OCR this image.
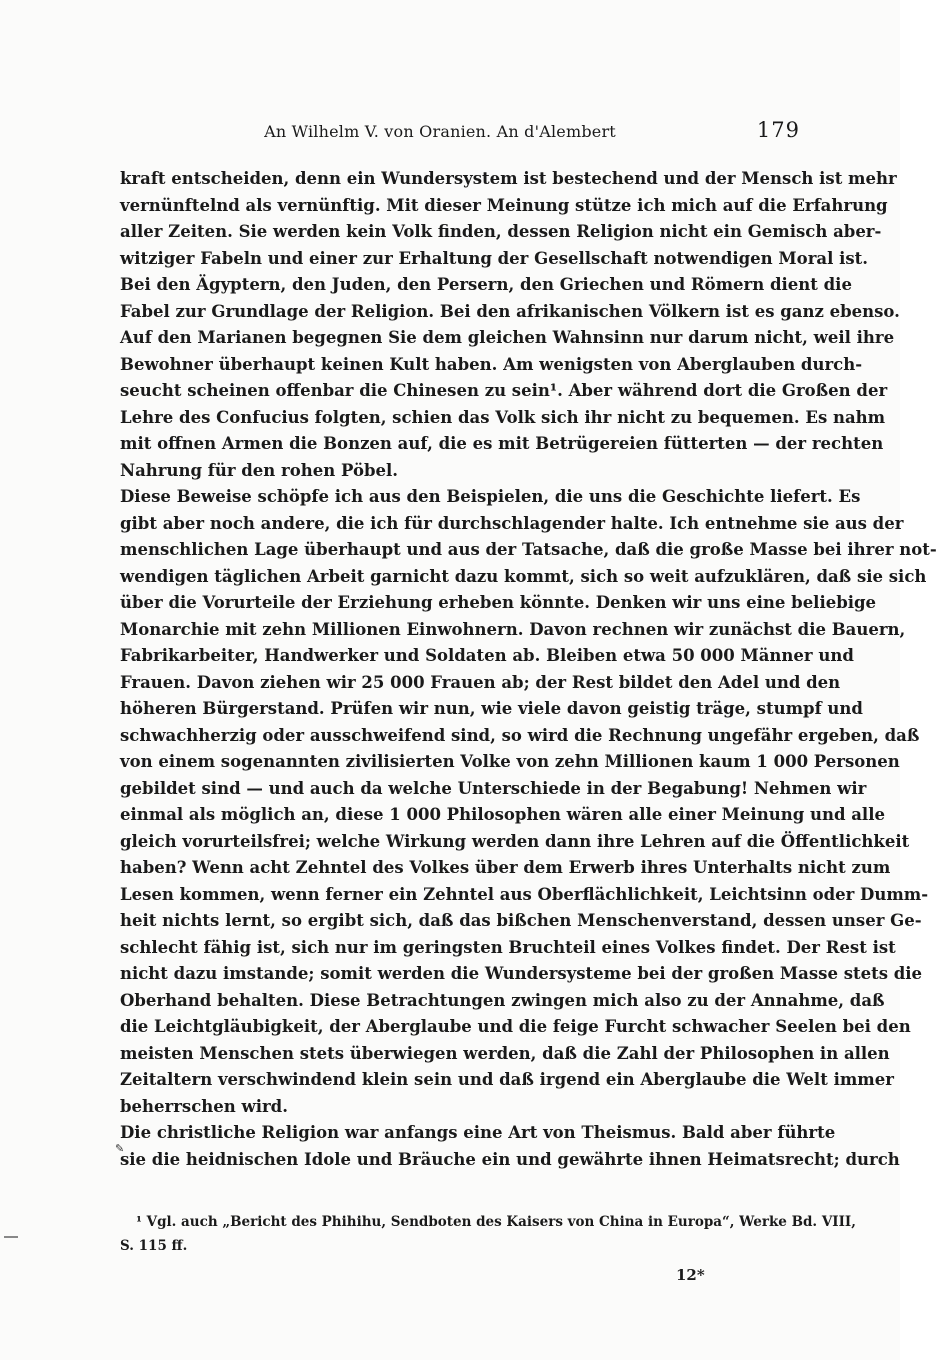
An Wilhelm V. von Oranien. An d'Alembert	179
kraft entscheiden, denn ein Wundersystem ist bestechend und der Mensch ist mehr
vernünftelnd als vernünftig. Mit dieser Meinung stütze ich mich auf die Erfahrung
aller Zeiten. Sie werden kein Volk finden, dessen Religion nicht ein Gemisch aber-
witziger Fabeln und einer zur Erhaltung der Gesellschaft notwendigen Moral ist.
Bei den Ägyptern, den Juden, den Persern, den Griechen und Römern dient die
Fabel zur Grundlage der Religion. Bei den afrikanischen Völkern ist es ganz ebenso.
Auf den Marianen begegnen Sie dem gleichen Wahnsinn nur darum nicht, weil ihre
Bewohner überhaupt keinen Kult haben. Am wenigsten von Aberglauben durch-
seucht scheinen offenbar die Chinesen zu sein¹. Aber während dort die Großen der
Lehre des Confucius folgten, schien das Volk sich ihr nicht zu bequemen. Es nahm
mit offnen Armen die Bonzen auf, die es mit Betrügereien fütterten — der rechten
Nahrung für den rohen Pöbel.
Diese Beweise schöpfe ich aus den Beispielen, die uns die Geschichte liefert. Es
gibt aber noch andere, die ich für durchschlagender halte. Ich entnehme sie aus der
menschlichen Lage überhaupt und aus der Tatsache, daß die große Masse bei ihrer not-
wendigen täglichen Arbeit garnicht dazu kommt, sich so weit aufzuklären, daß sie sich
über die Vorurteile der Erziehung erheben könnte. Denken wir uns eine beliebige
Monarchie mit zehn Millionen Einwohnern. Davon rechnen wir zunächst die Bauern,
Fabrikarbeiter, Handwerker und Soldaten ab. Bleiben etwa 50 000 Männer und
Frauen. Davon ziehen wir 25 000 Frauen ab; der Rest bildet den Adel und den
höheren Bürgerstand. Prüfen wir nun, wie viele davon geistig träge, stumpf und
schwachherzig oder ausschweifend sind, so wird die Rechnung ungefähr ergeben, daß
von einem sogenannten zivilisierten Volke von zehn Millionen kaum 1 000 Personen
gebildet sind — und auch da welche Unterschiede in der Begabung! Nehmen wir
einmal als möglich an, diese 1 000 Philosophen wären alle einer Meinung und alle
gleich vorurteilsfrei; welche Wirkung werden dann ihre Lehren auf die Öffentlichkeit
haben? Wenn acht Zehntel des Volkes über dem Erwerb ihres Unterhalts nicht zum
Lesen kommen, wenn ferner ein Zehntel aus Oberflächlichkeit, Leichtsinn oder Dumm-
heit nichts lernt, so ergibt sich, daß das bißchen Menschenverstand, dessen unser Ge-
schlecht fähig ist, sich nur im geringsten Bruchteil eines Volkes findet. Der Rest ist
nicht dazu imstande; somit werden die Wundersysteme bei der großen Masse stets die
Oberhand behalten. Diese Betrachtungen zwingen mich also zu der Annahme, daß
die Leichtgläubigkeit, der Aberglaube und die feige Furcht schwacher Seelen bei den
meisten Menschen stets überwiegen werden, daß die Zahl der Philosophen in allen
Zeitaltern verschwindend klein sein und daß irgend ein Aberglaube die Welt immer
beherrschen wird.
Die christliche Religion war anfangs eine Art von Theismus. Bald aber führte
sie die heidnischen Idole und Bräuche ein und gewährte ihnen Heimatsrecht; durch
✎
¹ Vgl. auch „Bericht des Phihihu, Sendboten des Kaisers von China in Europa“, Werke Bd. VIII,
S. 115 ff.
12*
